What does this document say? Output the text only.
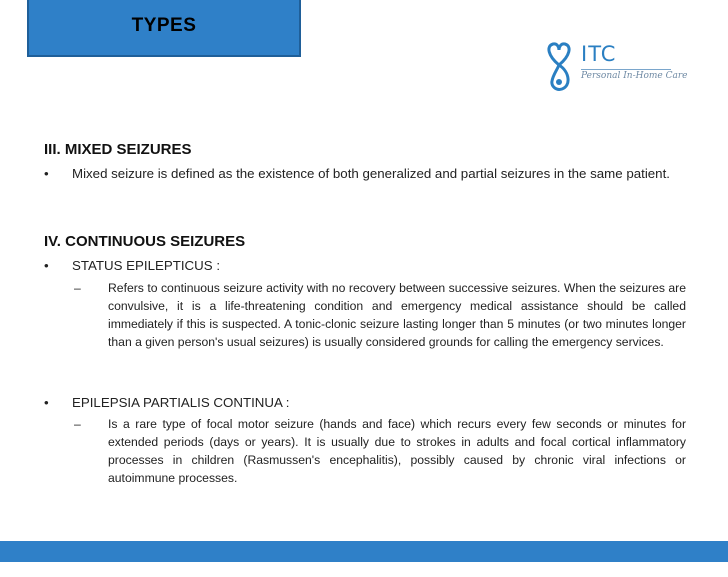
TYPES
ITC
Personal In-Home Care
III. MIXED SEIZURES
• Mixed seizure is defined as the existence of both generalized and partial seizures in the same patient.
IV. CONTINUOUS SEIZURES
• STATUS EPILEPTICUS :
– Refers to continuous seizure activity with no recovery between successive seizures. When the seizures are convulsive, it is a life-threatening condition and emergency medical assistance should be called immediately if this is suspected. A tonic-clonic seizure lasting longer than 5 minutes (or two minutes longer than a given person's usual seizures) is usually considered grounds for calling the emergency services.
• EPILEPSIA PARTIALIS CONTINUA :
– Is a rare type of focal motor seizure (hands and face) which recurs every few seconds or minutes for extended periods (days or years). It is usually due to strokes in adults and focal cortical inflammatory processes in children (Rasmussen's encephalitis), possibly caused by chronic viral infections or autoimmune processes.
